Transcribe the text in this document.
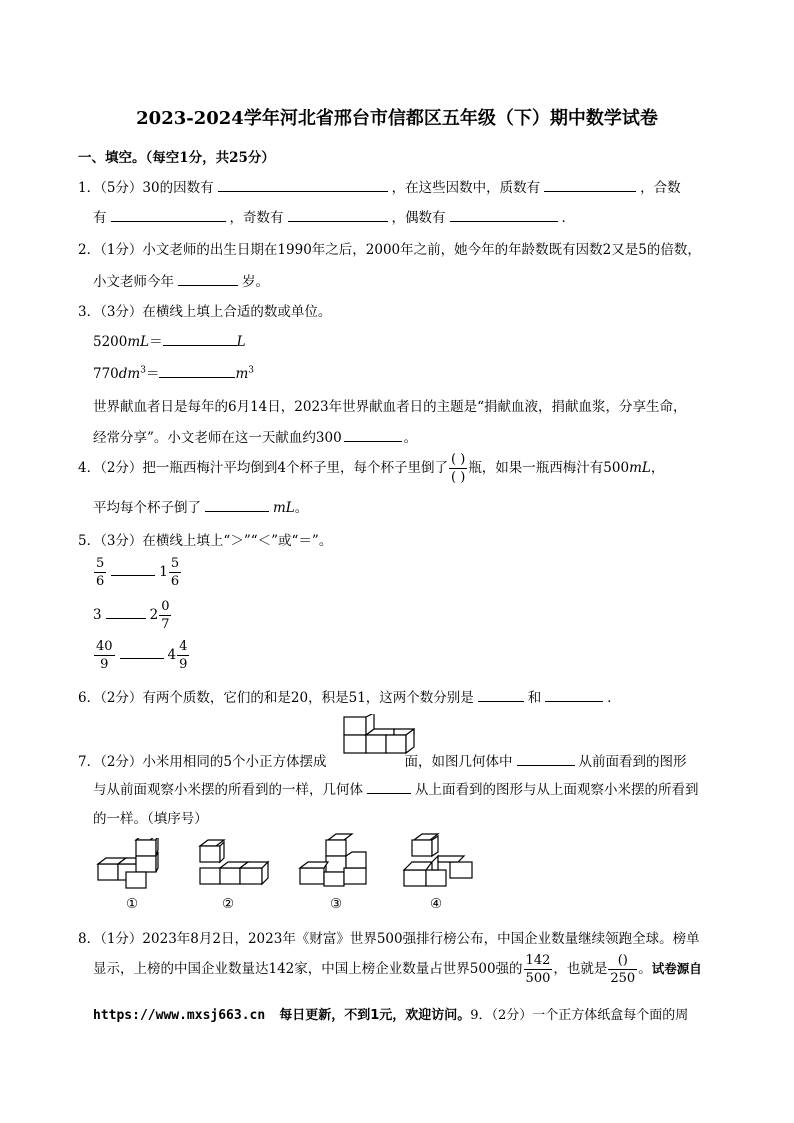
2023-2024学年河北省邢台市信都区五年级（下）期中数学试卷
一、填空。（每空1分，共25分）
1．（5分）30的因数有	，在这些因数中，质数有	，合数
有	，奇数有	，偶数有	．
2．（1分）小文老师的出生日期在1990年之后，2000年之前，她今年的年龄数既有因数2又是5的倍数，
小文老师今年	岁。
3．（3分）在横线上填上合适的数或单位。
5200mL＝	L
$770dm^3=$	$m^3$
世界献血者日是每年的6月14日，2023年世界献血者日的主题是“捐献血液，捐献血浆，分享生命，
经常分享”。小文老师在这一天献血约300	。
4．（2分）把一瓶西梅汁平均倒到4个杯子里，每个杯子里倒了
( )
( )
瓶，如果一瓶西梅汁有500mL，
平均每个杯子倒了	mL。
5．（3分）在横线上填上“＞”“＜”或“＝”。
$\frac{5}{6}$	$1 \frac{5}{6}$
3	$2 \frac{0}{7}$
$\frac{40}{9}$	$4 \frac{4}{9}$
6．（2分）有两个质数，它们的和是20，积是51，这两个数分别是	和	．
7．（2分）小米用相同的5个小正方体摆成	面，如图几何体中	从前面看到的图形
与从前面观察小米摆的所看到的一样，几何体	从上面看到的图形与从上面观察小米摆的所看到
的一样。（填序号）
①	②	③	④
8．（1分）2023年8月2日，2023年《财富》世界500强排行榜公布，中国企业数量继续领跑全球。榜单
显示，上榜的中国企业数量达142家，中国上榜企业数量占世界500强的 $\frac{142}{500}$ ，也就是
()
250
。试卷源自
https://www.mxsj663.cn 每日更新，不到1元，欢迎访问。9．（2分）一个正方体纸盒每个面的周
